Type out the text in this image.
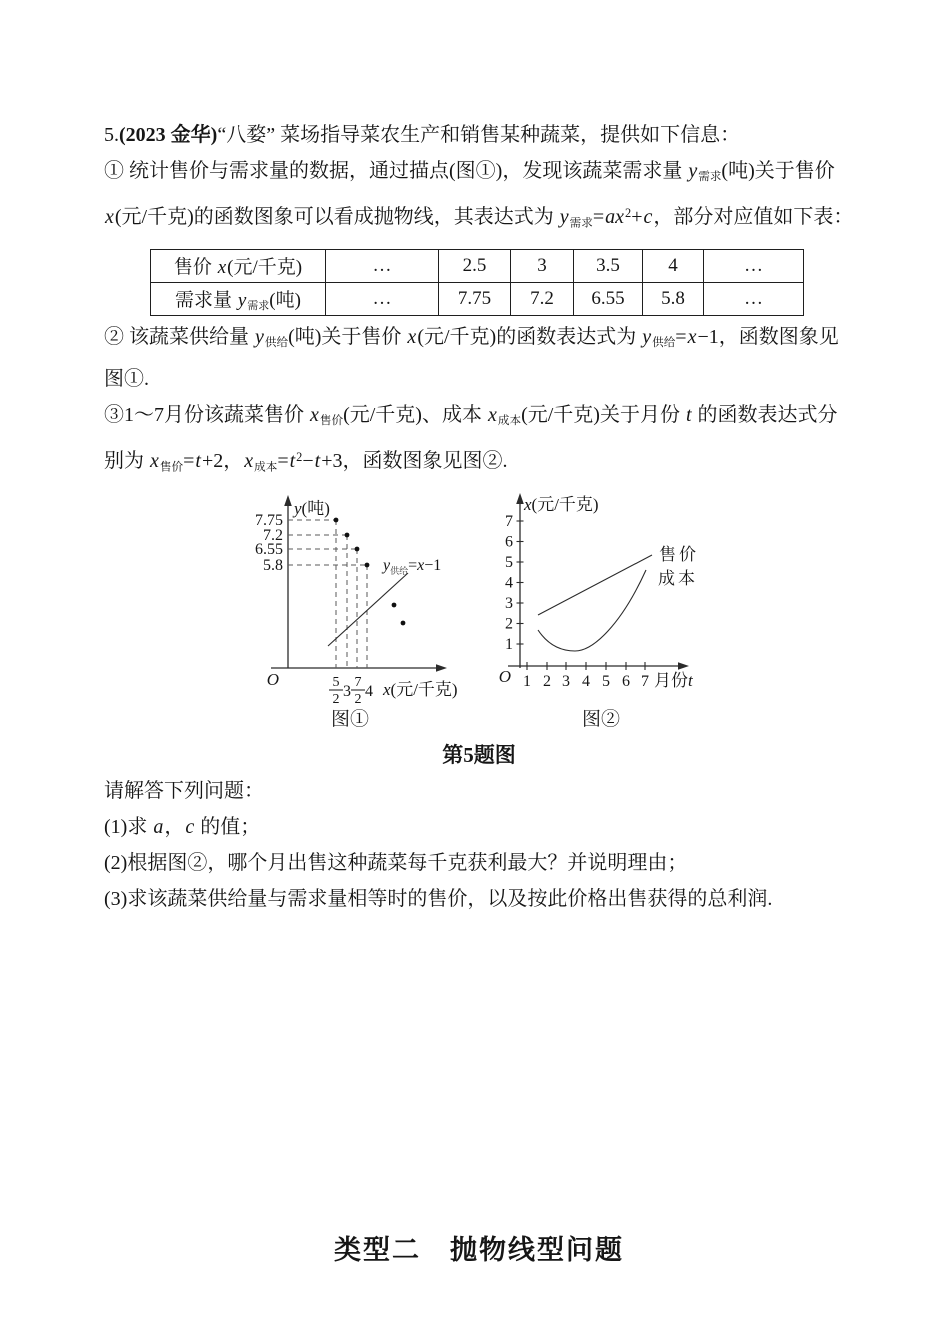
5.(2023 金华)“八婺” 菜场指导菜农生产和销售某种蔬菜，提供如下信息：

① 统计售价与需求量的数据，通过描点(图①)，发现该蔬菜需求量 y需求(吨)关于售价 x(元/千克)的函数图象可以看成抛物线，其表达式为 y需求$=ax^2+c$，部分对应值如下表：

售价 x(元/千克)	…	2.5	3	3.5	4	…
需求量 y需求(吨)	…	7.75	7.2	6.55	5.8	…

② 该蔬菜供给量 y供给(吨)关于售价 x(元/千克)的函数表达式为 y供给=x−1，函数图象见图①.

③1～7月份该蔬菜售价 x售价(元/千克)、成本 x成本(元/千克)关于月份 t 的函数表达式分别为 x售价=t+2，x成本$=t^2-t+3$，函数图象见图②.

y(吨)
O
7.75
7.2
6.55
5.8	$y_{供给}=x-1$
5
2 3
7
2 4 x(元/千克)
图①
x(元/千克)
O
1
2
3
4
5
6
7
1 2 3 4 5 6 7 月份t
售价
成本
图②

第5题图

请解答下列问题：

(1)求 a，c 的值；

(2)根据图②，哪个月出售这种蔬菜每千克获利最大？并说明理由；

(3)求该蔬菜供给量与需求量相等时的售价，以及按此价格出售获得的总利润.

类型二　抛物线型问题
